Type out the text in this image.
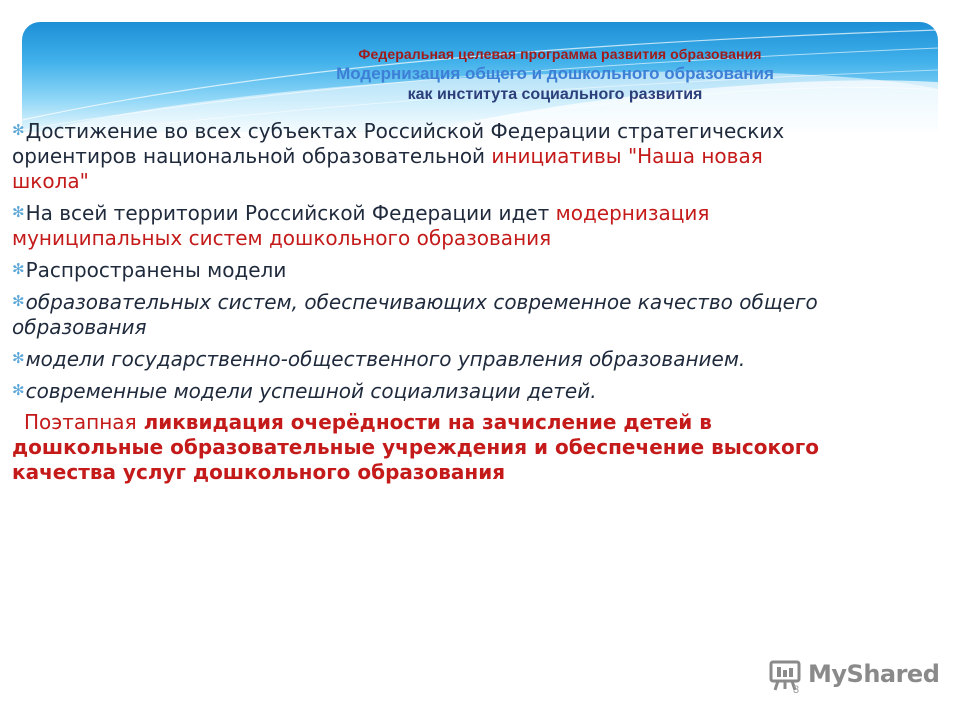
Федеральная целевая программа развития образования
Модернизация общего и дошкольного образования
как института социального развития
✻Достижение во всех субъектах Российской Федерации стратегических ориентиров национальной образовательной инициативы "Наша новая школа"
✻На всей территории Российской Федерации идет модернизация муниципальных систем дошкольного образования
✻Распространены модели
✻образовательных систем, обеспечивающих современное качество общего образования
✻модели государственно-общественного управления образованием.
✻современные модели успешной социализации детей.
Поэтапная ликвидация очерёдности на зачисление детей в дошкольные образовательные учреждения и обеспечение высокого качества услуг дошкольного образования
MyShared
3
